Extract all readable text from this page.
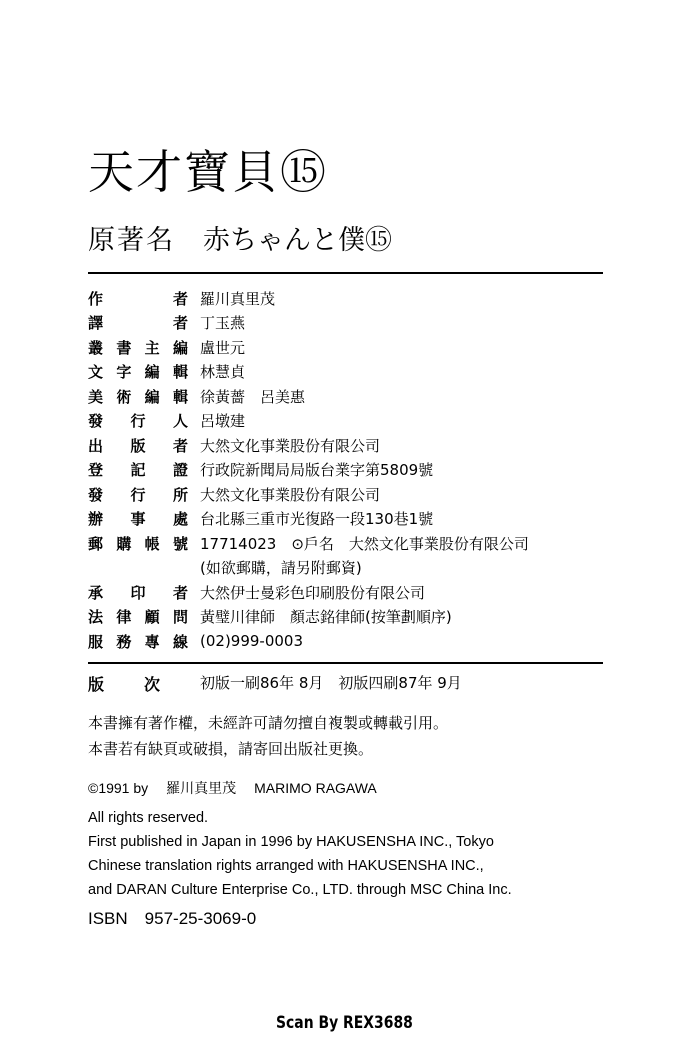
天才寶貝⑮
原著名 赤ちゃんと僕⑮
作　者 羅川真里茂
譯　者 丁玉燕
叢書主編 盧世元
文字編輯 林慧貞
美術編輯 徐黃薔　呂美惠
發行人 呂墩建
出版者 大然文化事業股份有限公司
登記證 行政院新聞局局版台業字第5809號
發行所 大然文化事業股份有限公司
辦事處 台北縣三重市光復路一段130巷1號
郵購帳號 17714023　⊙戶名　大然文化事業股份有限公司
(如欲郵購，請另附郵資)
承印者 大然伊士曼彩色印刷股份有限公司
法律顧問 黃璧川律師　顏志銘律師(按筆劃順序)
服務專線 (02)999-0003
版　次	初版一刷86年 8月　初版四刷87年 9月
本書擁有著作權，未經許可請勿擅自複製或轉載引用。
本書若有缺頁或破損，請寄回出版社更換。
©1991 by 羅川真里茂 MARIMO RAGAWA
All rights reserved.
First published in Japan in 1996 by HAKUSENSHA INC., Tokyo
Chinese translation rights arranged with HAKUSENSHA INC.,
and DARAN Culture Enterprise Co., LTD. through MSC China Inc.
ISBN　957-25-3069-0
Scan By REX3688
